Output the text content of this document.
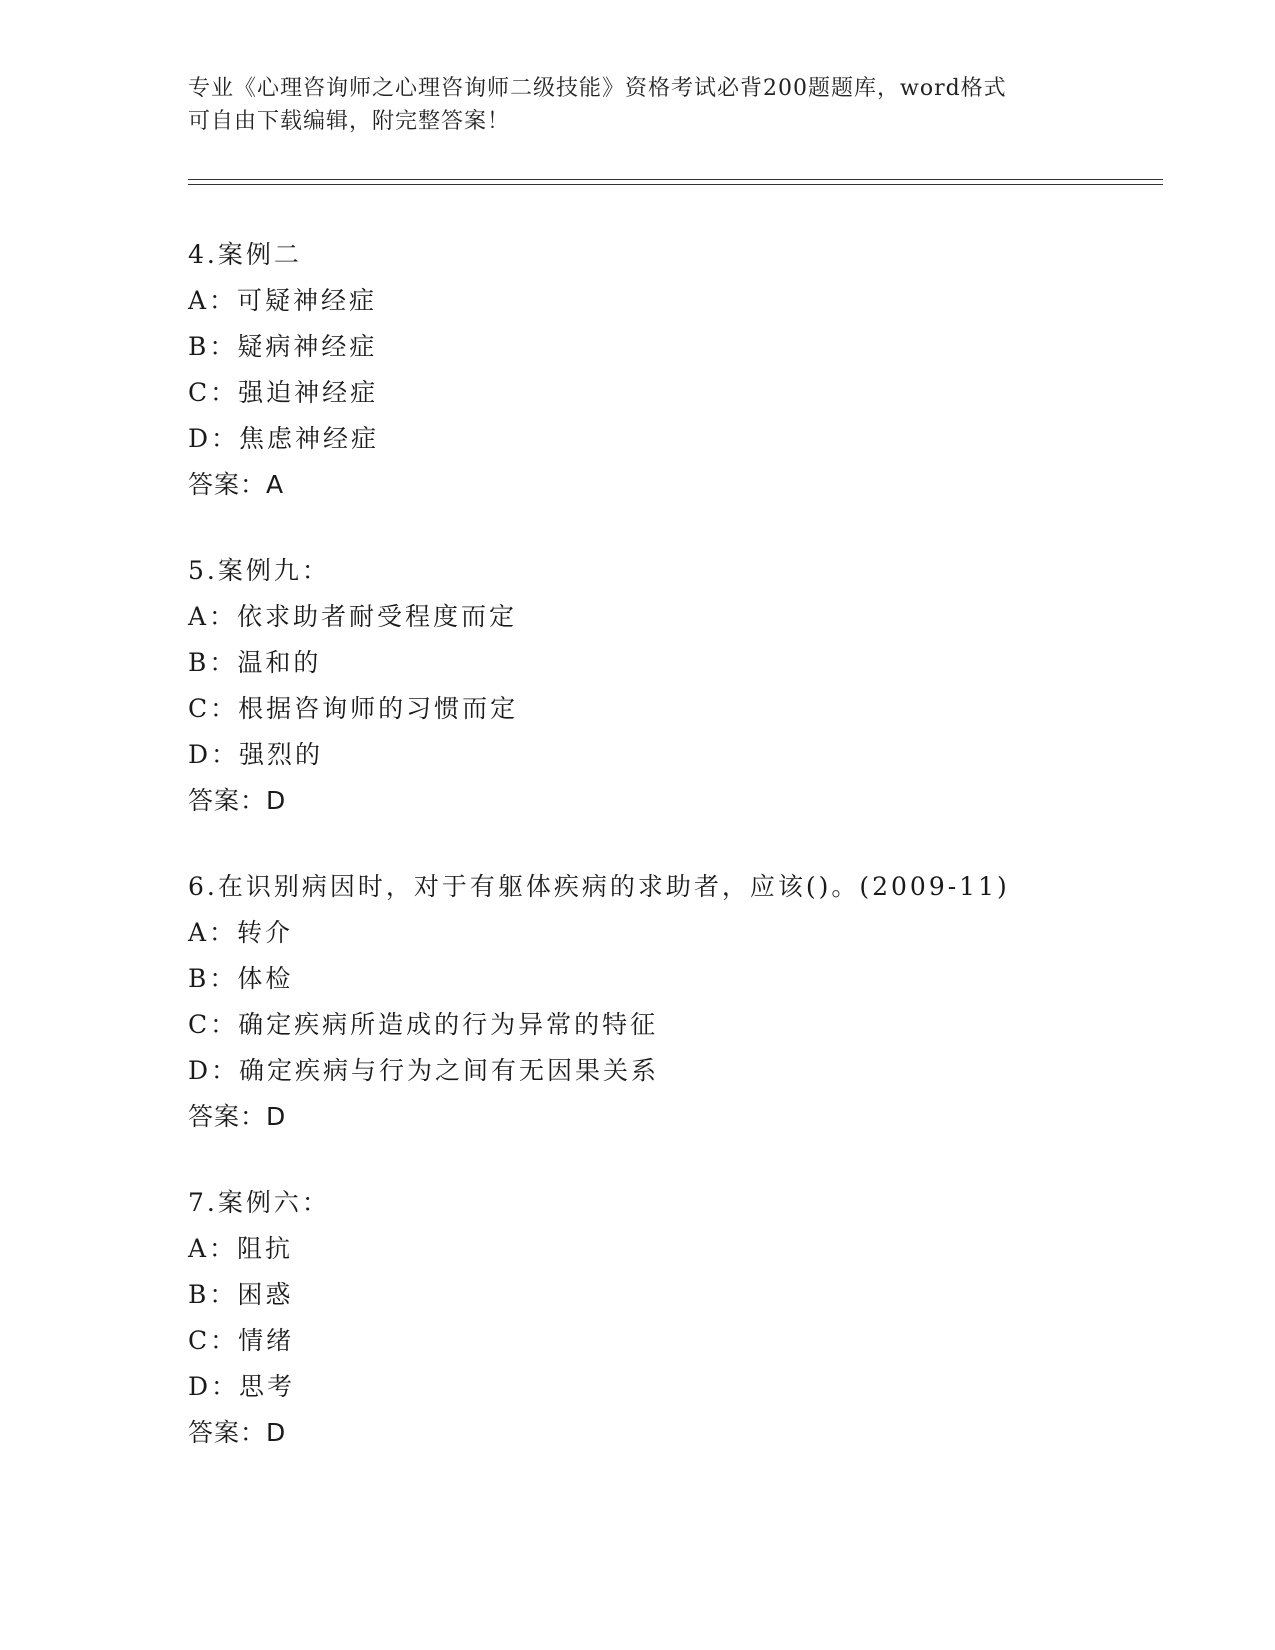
专业《心理咨询师之心理咨询师二级技能》资格考试必背200题题库，word格式
可自由下载编辑，附完整答案！
4.案例二
A：可疑神经症
B：疑病神经症
C：强迫神经症
D：焦虑神经症
答案：A
5.案例九：
A：依求助者耐受程度而定
B：温和的
C：根据咨询师的习惯而定
D：强烈的
答案：D
6.在识别病因时，对于有躯体疾病的求助者，应该()。(2009-11)
A：转介
B：体检
C：确定疾病所造成的行为异常的特征
D：确定疾病与行为之间有无因果关系
答案：D
7.案例六：
A：阻抗
B：困惑
C：情绪
D：思考
答案：D
